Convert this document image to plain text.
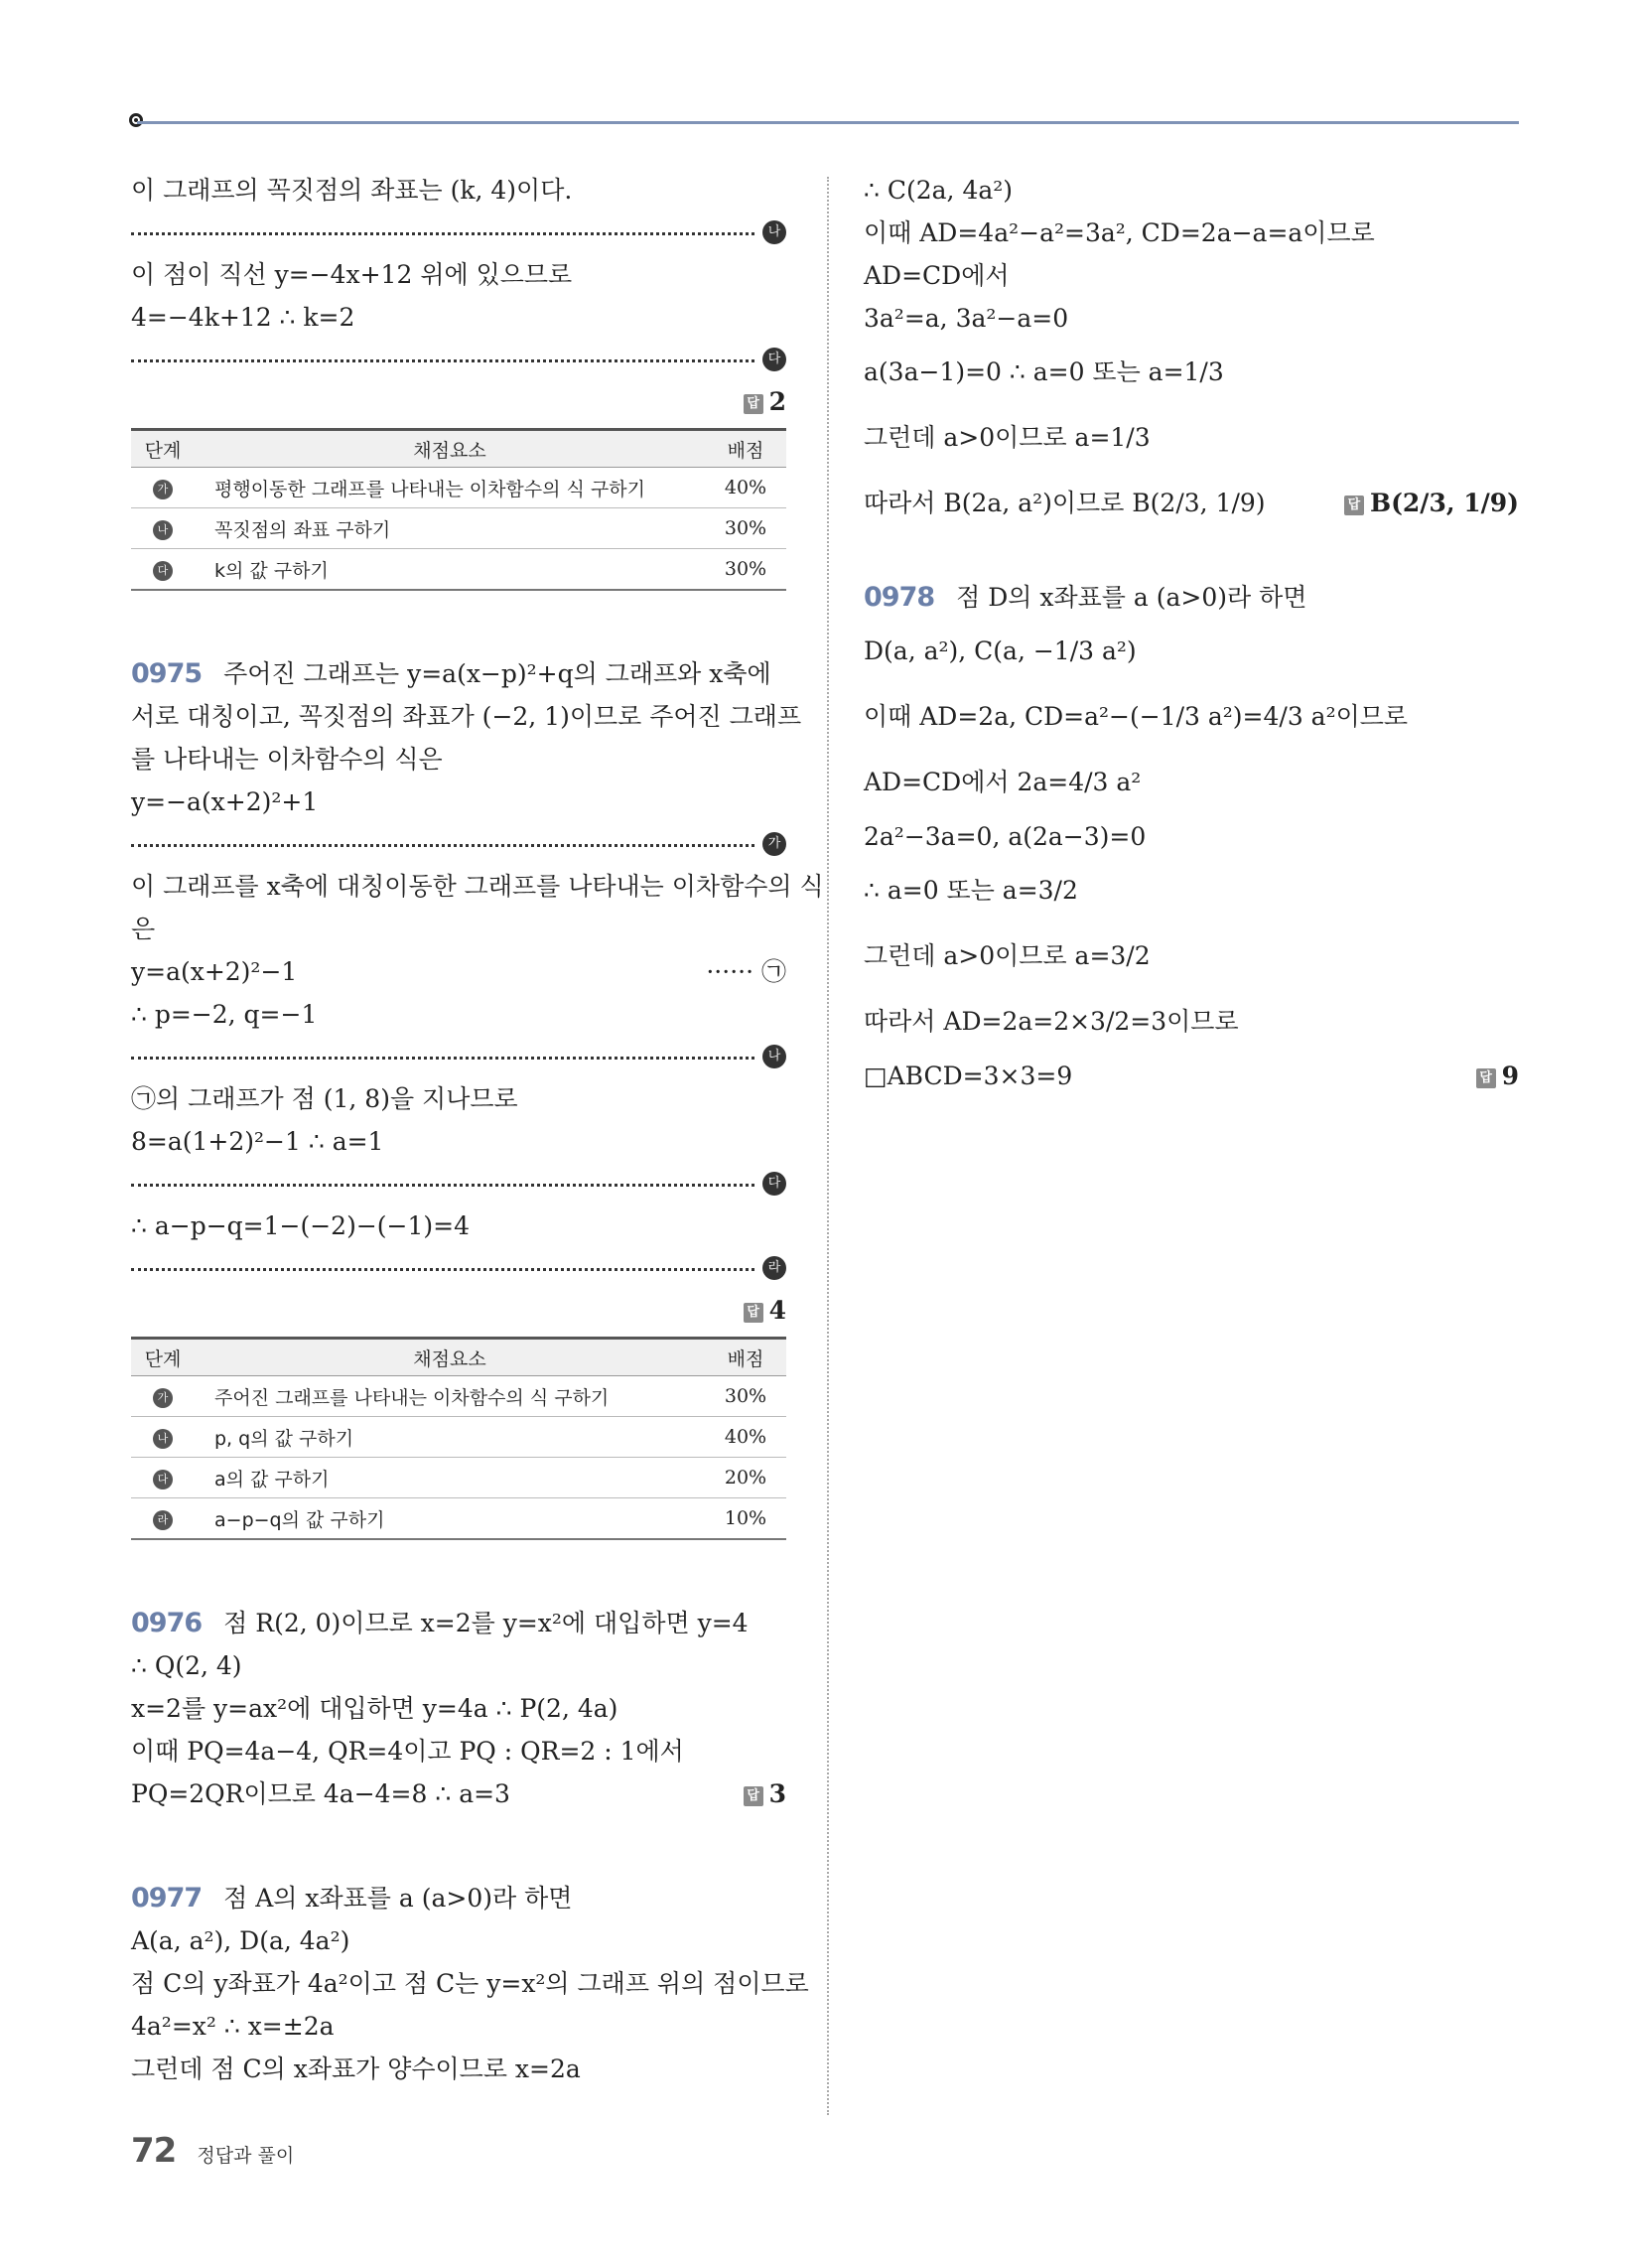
이 그래프의 꼭짓점의 좌표는 (k, 4)이다.
나
이 점이 직선 y=−4x+12 위에 있으므로
4=−4k+12 ∴ k=2
다
답 2
단계	채점요소	배점
가	평행이동한 그래프를 나타내는 이차함수의 식 구하기	40%
나	꼭짓점의 좌표 구하기	30%
다	k의 값 구하기	30%
0975 주어진 그래프는 y=a(x−p)²+q의 그래프와 x축에
서로 대칭이고, 꼭짓점의 좌표가 (−2, 1)이므로 주어진 그래프
를 나타내는 이차함수의 식은
y=−a(x+2)²+1
가
이 그래프를 x축에 대칭이동한 그래프를 나타내는 이차함수의 식
은
y=a(x+2)²−1	······ ㉠
∴ p=−2, q=−1
나
㉠의 그래프가 점 (1, 8)을 지나므로
8=a(1+2)²−1 ∴ a=1
다
∴ a−p−q=1−(−2)−(−1)=4
라
답 4
단계	채점요소	배점
가	주어진 그래프를 나타내는 이차함수의 식 구하기	30%
나	p, q의 값 구하기	40%
다	a의 값 구하기	20%
라	a−p−q의 값 구하기	10%
0976 점 R(2, 0)이므로 x=2를 y=x²에 대입하면 y=4
∴ Q(2, 4)
x=2를 y=ax²에 대입하면 y=4a ∴ P(2, 4a)
이때 PQ=4a−4, QR=4이고 PQ : QR=2 : 1에서
PQ=2QR이므로 4a−4=8 ∴ a=3	답 3
0977 점 A의 x좌표를 a (a>0)라 하면
A(a, a²), D(a, 4a²)
점 C의 y좌표가 4a²이고 점 C는 y=x²의 그래프 위의 점이므로
4a²=x² ∴ x=±2a
그런데 점 C의 x좌표가 양수이므로 x=2a
∴ C(2a, 4a²)
이때 AD=4a²−a²=3a², CD=2a−a=a이므로
AD=CD에서
3a²=a, 3a²−a=0
a(3a−1)=0 ∴ a=0 또는 a=1/3
그런데 a>0이므로 a=1/3
따라서 B(2a, a²)이므로 B(2/3, 1/9)	답 B(2/3, 1/9)
0978 점 D의 x좌표를 a (a>0)라 하면
D(a, a²), C(a, −1/3 a²)
이때 AD=2a, CD=a²−(−1/3 a²)=4/3 a²이므로
AD=CD에서 2a=4/3 a²
2a²−3a=0, a(2a−3)=0
∴ a=0 또는 a=3/2
그런데 a>0이므로 a=3/2
따라서 AD=2a=2×3/2=3이므로
□ABCD=3×3=9	답 9
72 정답과 풀이
